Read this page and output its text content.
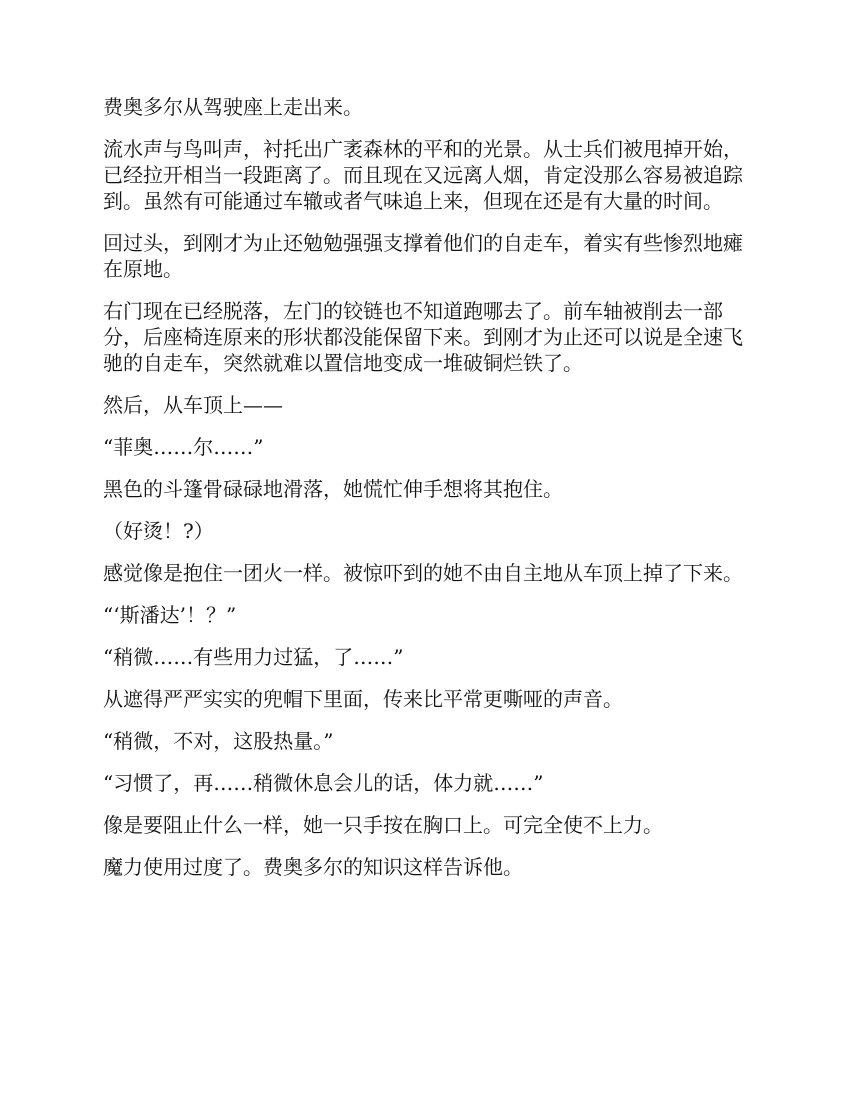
费奥多尔从驾驶座上走出来。

流水声与鸟叫声，衬托出广袤森林的平和的光景。从士兵们被甩掉开始，已经拉开相当一段距离了。而且现在又远离人烟，肯定没那么容易被追踪到。虽然有可能通过车辙或者气味追上来，但现在还是有大量的时间。

回过头，到刚才为止还勉勉强强支撑着他们的自走车，着实有些惨烈地瘫在原地。

右门现在已经脱落，左门的铰链也不知道跑哪去了。前车轴被削去一部分，后座椅连原来的形状都没能保留下来。到刚才为止还可以说是全速飞驰的自走车，突然就难以置信地变成一堆破铜烂铁了。

然后，从车顶上——

“菲奥……尔……”

黑色的斗篷骨碌碌地滑落，她慌忙伸手想将其抱住。

（好烫！?）

感觉像是抱住一团火一样。被惊吓到的她不由自主地从车顶上掉了下来。

“‘斯潘达’！？”

“稍微……有些用力过猛，了……”

从遮得严严实实的兜帽下里面，传来比平常更嘶哑的声音。

“稍微，不对，这股热量。”

“习惯了，再……稍微休息会儿的话，体力就……”

像是要阻止什么一样，她一只手按在胸口上。可完全使不上力。

魔力使用过度了。费奥多尔的知识这样告诉他。
